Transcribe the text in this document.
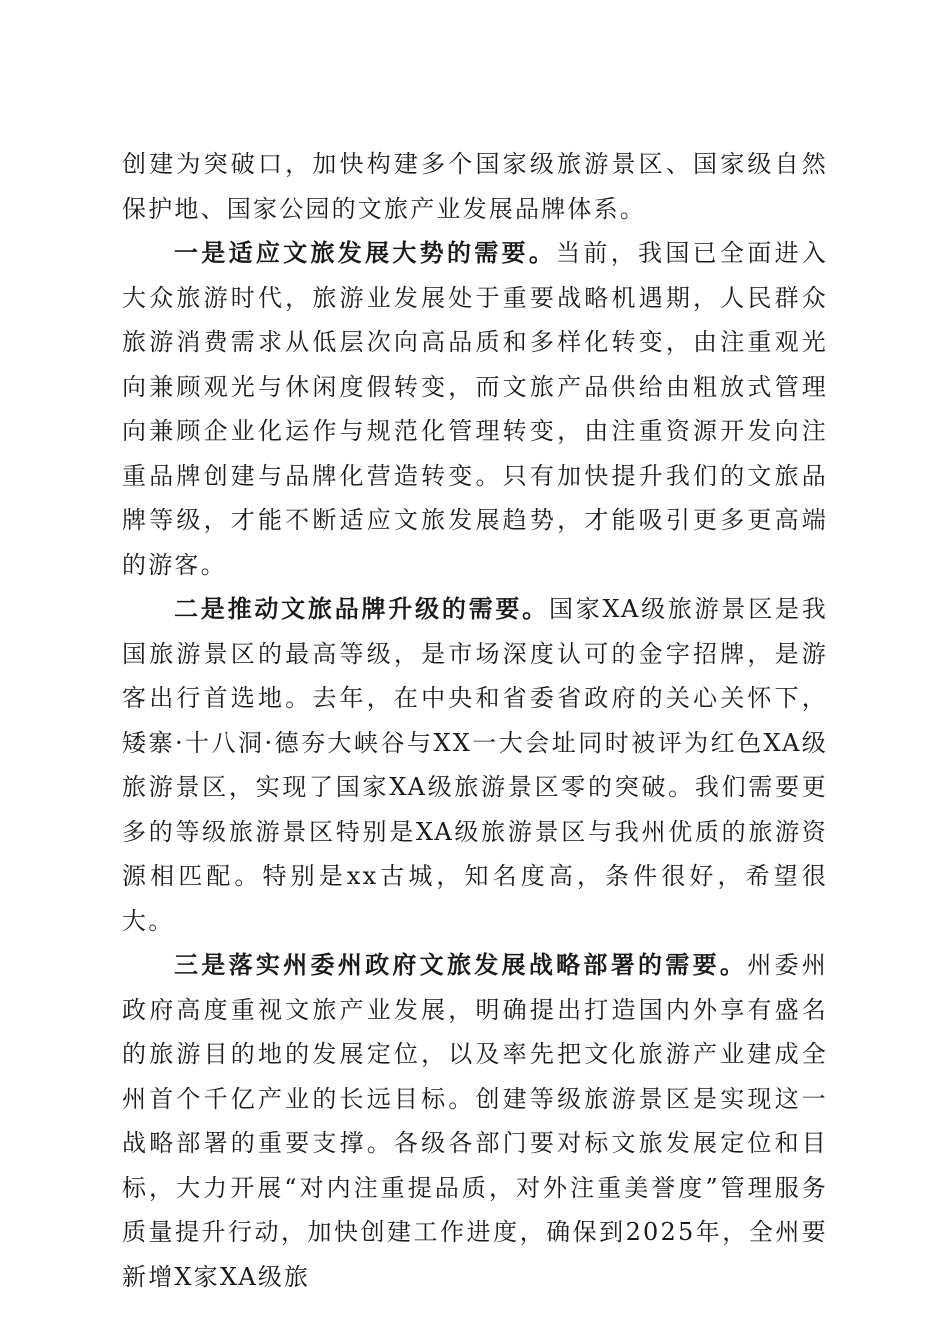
创建为突破口，加快构建多个国家级旅游景区、国家级自然保护地、国家公园的文旅产业发展品牌体系。

一是适应文旅发展大势的需要。当前，我国已全面进入大众旅游时代，旅游业发展处于重要战略机遇期，人民群众旅游消费需求从低层次向高品质和多样化转变，由注重观光向兼顾观光与休闲度假转变，而文旅产品供给由粗放式管理向兼顾企业化运作与规范化管理转变，由注重资源开发向注重品牌创建与品牌化营造转变。只有加快提升我们的文旅品牌等级，才能不断适应文旅发展趋势，才能吸引更多更高端的游客。

二是推动文旅品牌升级的需要。国家XA级旅游景区是我国旅游景区的最高等级，是市场深度认可的金字招牌，是游客出行首选地。去年，在中央和省委省政府的关心关怀下，矮寨·十八洞·德夯大峡谷与XX一大会址同时被评为红色XA级旅游景区，实现了国家XA级旅游景区零的突破。我们需要更多的等级旅游景区特别是XA级旅游景区与我州优质的旅游资源相匹配。特别是xx古城，知名度高，条件很好，希望很大。

三是落实州委州政府文旅发展战略部署的需要。州委州政府高度重视文旅产业发展，明确提出打造国内外享有盛名的旅游目的地的发展定位，以及率先把文化旅游产业建成全州首个千亿产业的长远目标。创建等级旅游景区是实现这一战略部署的重要支撑。各级各部门要对标文旅发展定位和目标，大力开展“对内注重提品质，对外注重美誉度”管理服务质量提升行动，加快创建工作进度，确保到2025年，全州要新增X家XA级旅
